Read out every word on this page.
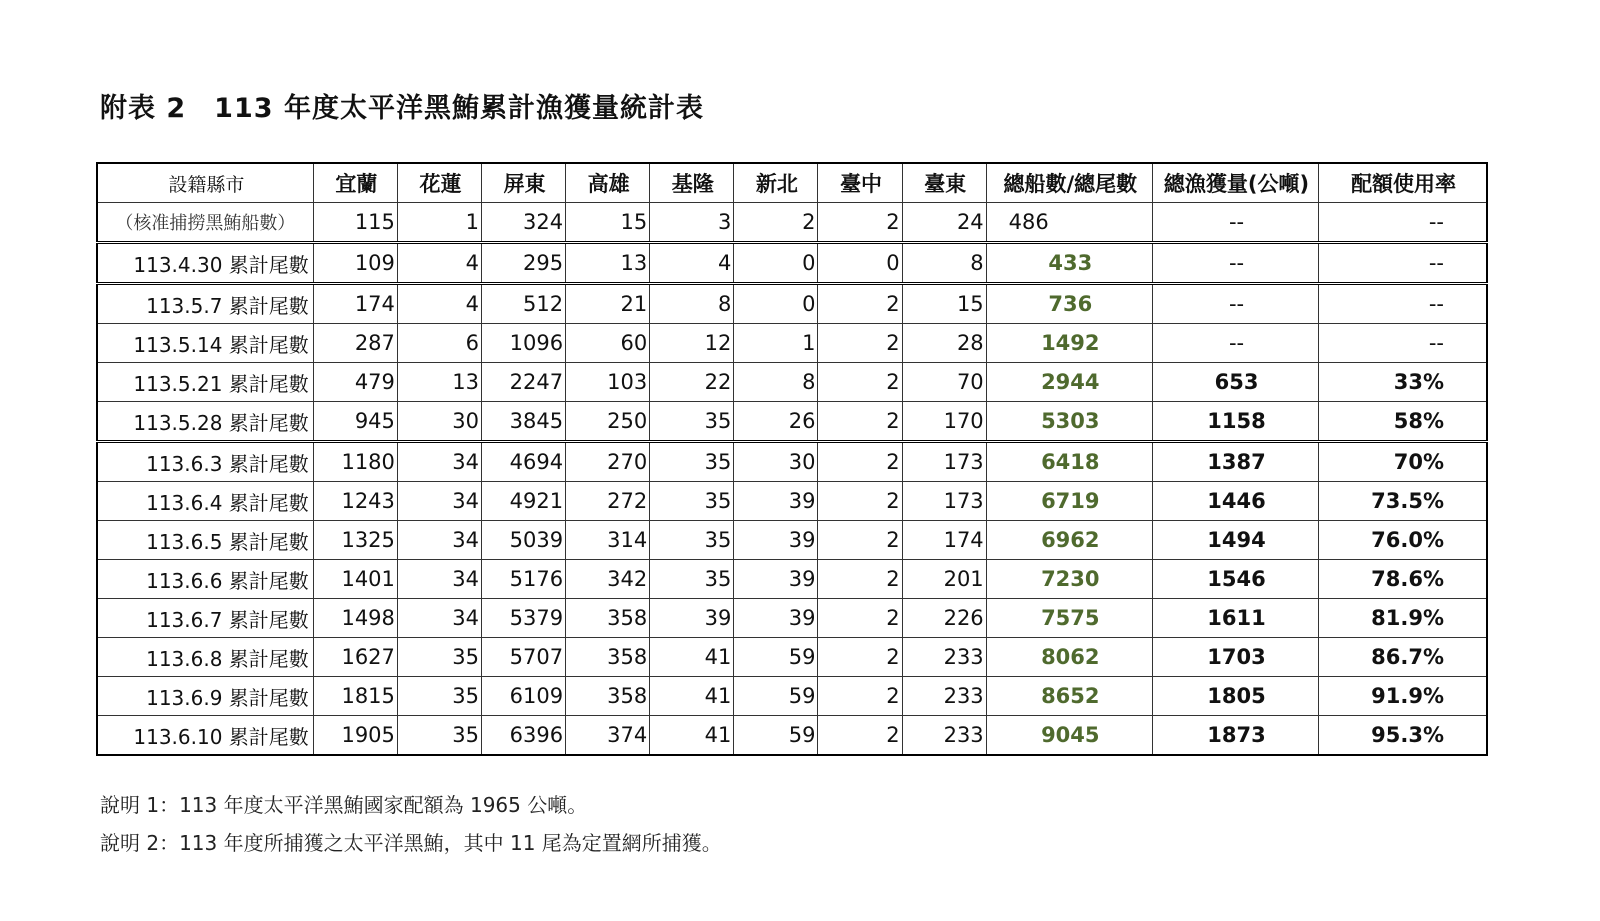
附表 2　113 年度太平洋黑鮪累計漁獲量統計表
設籍縣市	宜蘭	花蓮	屏東	高雄	基隆	新北	臺中	臺東	總船數/總尾數	總漁獲量(公噸)	配額使用率
（核准捕撈黑鮪船數）	115	1	324	15	3	2	2	24	486	--	--
113.4.30 累計尾數	109	4	295	13	4	0	0	8	433	--	--
113.5.7 累計尾數	174	4	512	21	8	0	2	15	736	--	--
113.5.14 累計尾數	287	6	1096	60	12	1	2	28	1492	--	--
113.5.21 累計尾數	479	13	2247	103	22	8	2	70	2944	653	33%
113.5.28 累計尾數	945	30	3845	250	35	26	2	170	5303	1158	58%
113.6.3 累計尾數	1180	34	4694	270	35	30	2	173	6418	1387	70%
113.6.4 累計尾數	1243	34	4921	272	35	39	2	173	6719	1446	73.5%
113.6.5 累計尾數	1325	34	5039	314	35	39	2	174	6962	1494	76.0%
113.6.6 累計尾數	1401	34	5176	342	35	39	2	201	7230	1546	78.6%
113.6.7 累計尾數	1498	34	5379	358	39	39	2	226	7575	1611	81.9%
113.6.8 累計尾數	1627	35	5707	358	41	59	2	233	8062	1703	86.7%
113.6.9 累計尾數	1815	35	6109	358	41	59	2	233	8652	1805	91.9%
113.6.10 累計尾數	1905	35	6396	374	41	59	2	233	9045	1873	95.3%
說明 1：113 年度太平洋黑鮪國家配額為 1965 公噸。
說明 2：113 年度所捕獲之太平洋黑鮪，其中 11 尾為定置網所捕獲。
